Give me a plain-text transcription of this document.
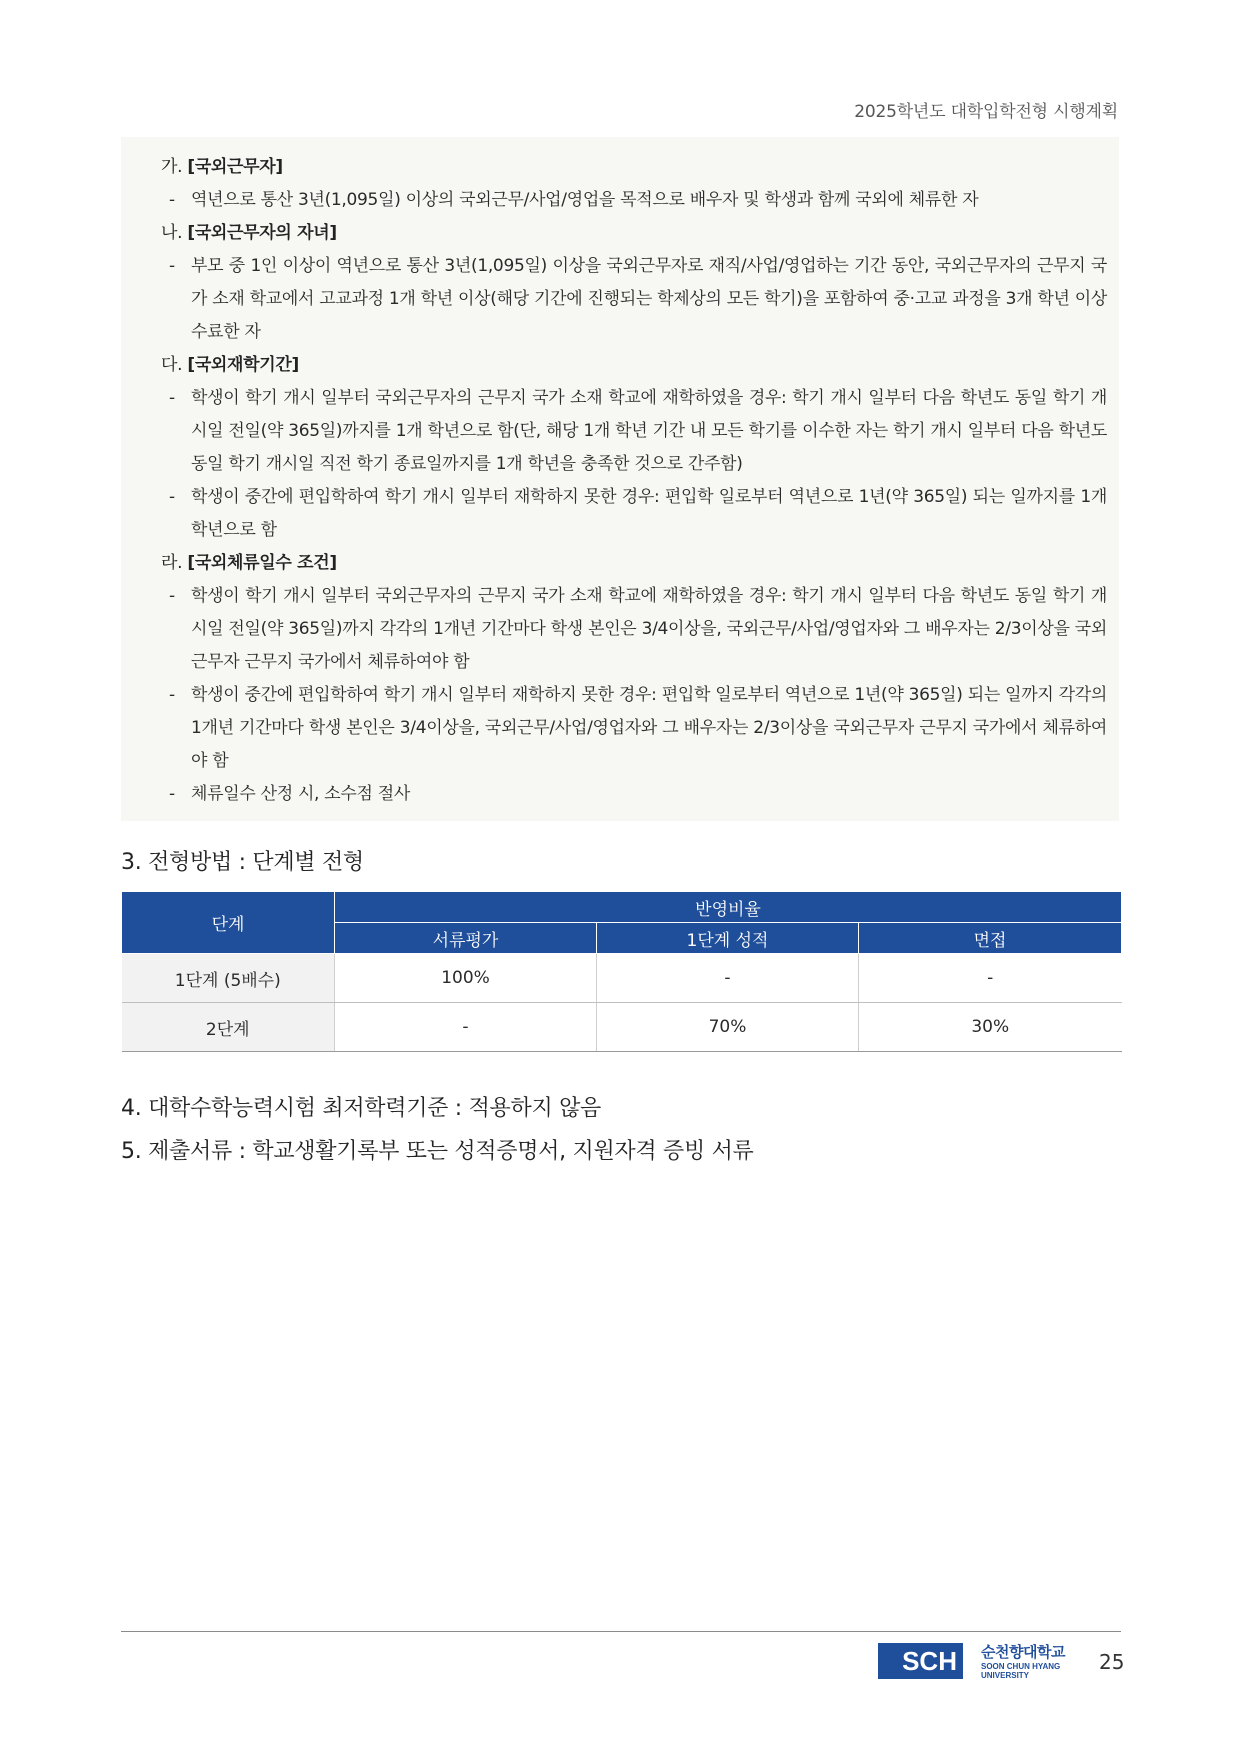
2025학년도 대학입학전형 시행계획
가. [국외근무자]
- 역년으로 통산 3년(1,095일) 이상의 국외근무/사업/영업을 목적으로 배우자 및 학생과 함께 국외에 체류한 자
나. [국외근무자의 자녀]
- 부모 중 1인 이상이 역년으로 통산 3년(1,095일) 이상을 국외근무자로 재직/사업/영업하는 기간 동안, 국외근무자의 근무지 국가 소재 학교에서 고교과정 1개 학년 이상(해당 기간에 진행되는 학제상의 모든 학기)을 포함하여 중·고교 과정을 3개 학년 이상 수료한 자
다. [국외재학기간]
- 학생이 학기 개시 일부터 국외근무자의 근무지 국가 소재 학교에 재학하였을 경우: 학기 개시 일부터 다음 학년도 동일 학기 개시일 전일(약 365일)까지를 1개 학년으로 함(단, 해당 1개 학년 기간 내 모든 학기를 이수한 자는 학기 개시 일부터 다음 학년도 동일 학기 개시일 직전 학기 종료일까지를 1개 학년을 충족한 것으로 간주함)
- 학생이 중간에 편입학하여 학기 개시 일부터 재학하지 못한 경우: 편입학 일로부터 역년으로 1년(약 365일) 되는 일까지를 1개 학년으로 함
라. [국외체류일수 조건]
- 학생이 학기 개시 일부터 국외근무자의 근무지 국가 소재 학교에 재학하였을 경우: 학기 개시 일부터 다음 학년도 동일 학기 개시일 전일(약 365일)까지 각각의 1개년 기간마다 학생 본인은 3/4이상을, 국외근무/사업/영업자와 그 배우자는 2/3이상을 국외근무자 근무지 국가에서 체류하여야 함
- 학생이 중간에 편입학하여 학기 개시 일부터 재학하지 못한 경우: 편입학 일로부터 역년으로 1년(약 365일) 되는 일까지 각각의 1개년 기간마다 학생 본인은 3/4이상을, 국외근무/사업/영업자와 그 배우자는 2/3이상을 국외근무자 근무지 국가에서 체류하여야 함
- 체류일수 산정 시, 소수점 절사
3. 전형방법 : 단계별 전형
단계	반영비율		
	서류평가	1단계 성적	면접
1단계 (5배수)	100%	-	-
2단계	-	70%	30%
4. 대학수학능력시험 최저학력기준 : 적용하지 않음
5. 제출서류 : 학교생활기록부 또는 성적증명서, 지원자격 증빙 서류
SCH	순천향대학교
SOON CHUN HYANG
UNIVERSITY
25
